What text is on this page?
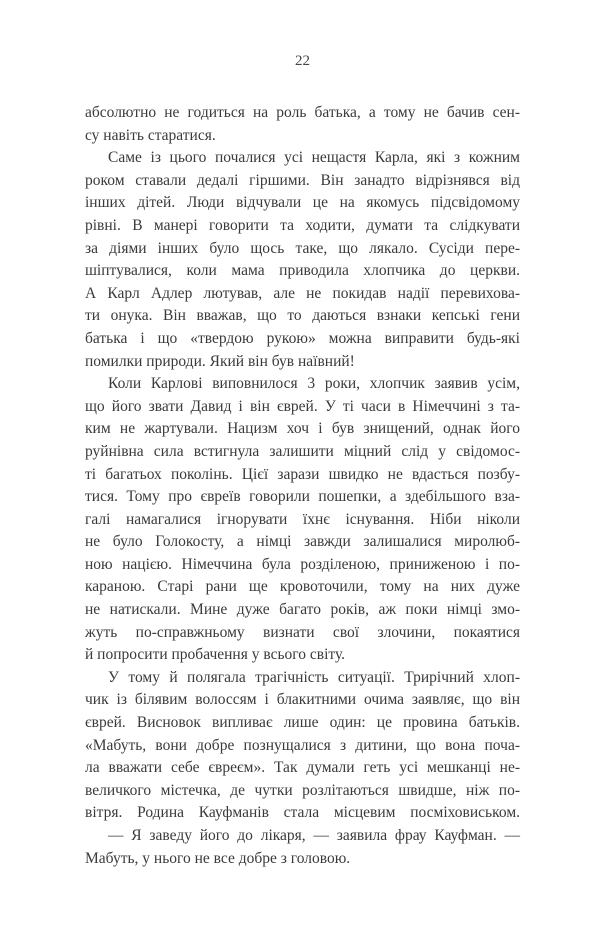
22
абсолютно не годиться на роль батька, а тому не бачив сен-
су навіть старатися.
Саме із цього почалися усі нещастя Карла, які з кожним
роком ставали дедалі гіршими. Він занадто відрізнявся від
інших дітей. Люди відчували це на якомусь підсвідомому
рівні. В манері говорити та ходити, думати та слідкувати
за діями інших було щось таке, що лякало. Сусіди пере-
шіптувалися, коли мама приводила хлопчика до церкви.
А Карл Адлер лютував, але не покидав надії перевихова-
ти онука. Він вважав, що то даються взнаки кепські гени
батька і що «твердою рукою» можна виправити будь-які
помилки природи. Який він був наївний!
Коли Карлові виповнилося 3 роки, хлопчик заявив усім,
що його звати Давид і він єврей. У ті часи в Німеччині з та-
ким не жартували. Нацизм хоч і був знищений, однак його
руйнівна сила встигнула залишити міцний слід у свідомос-
ті багатьох поколінь. Цієї зарази швидко не вдасться позбу-
тися. Тому про євреїв говорили пошепки, а здебільшого вза-
галі намагалися ігнорувати їхнє існування. Ніби ніколи
не було Голокосту, а німці завжди залишалися миролюб-
ною нацією. Німеччина була розділеною, приниженою і по-
караною. Старі рани ще кровоточили, тому на них дуже
не натискали. Мине дуже багато років, аж поки німці змо-
жуть по-справжньому визнати свої злочини, покаятися
й попросити пробачення у всього світу.
У тому й полягала трагічність ситуації. Трирічний хлоп-
чик із білявим волоссям і блакитними очима заявляє, що він
єврей. Висновок випливає лише один: це провина батьків.
«Мабуть, вони добре познущалися з дитини, що вона поча-
ла вважати себе євреєм». Так думали геть усі мешканці не-
величкого містечка, де чутки розлітаються швидше, ніж по-
вітря. Родина Кауфманів стала місцевим посміховиськом.
— Я заведу його до лікаря, — заявила фрау Кауфман. —
Мабуть, у нього не все добре з головою.
